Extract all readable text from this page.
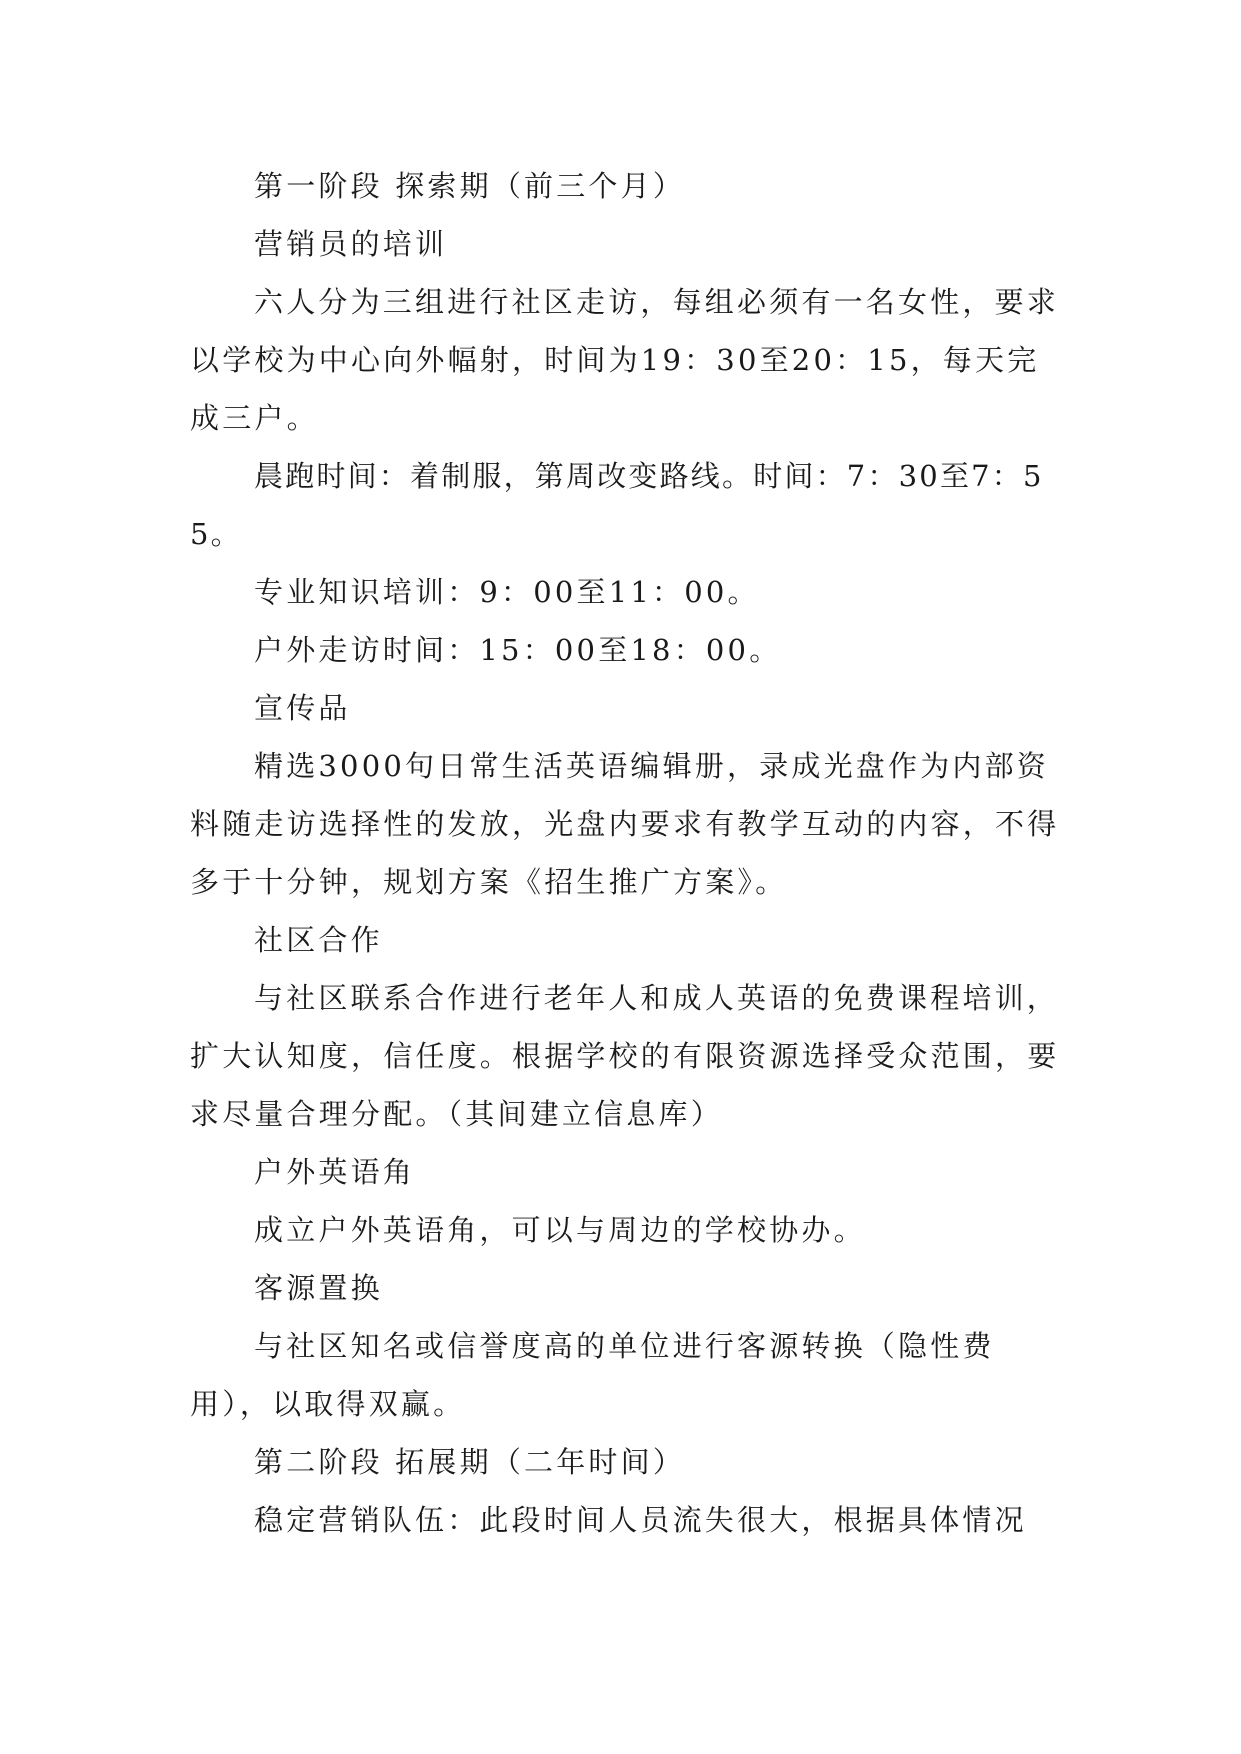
第一阶段 探索期（前三个月）

营销员的培训

六人分为三组进行社区走访，每组必须有一名女性，要求以学校为中心向外幅射，时间为19：30至20：15，每天完成三户。

晨跑时间：着制服，第周改变路线。时间：7：30至7：55。

专业知识培训：9：00至11：00。

户外走访时间：15：00至18：00。

宣传品

精选3000句日常生活英语编辑册，录成光盘作为内部资料随走访选择性的发放，光盘内要求有教学互动的内容，不得多于十分钟，规划方案《招生推广方案》。

社区合作

与社区联系合作进行老年人和成人英语的免费课程培训，扩大认知度，信任度。根据学校的有限资源选择受众范围，要求尽量合理分配。（其间建立信息库）

户外英语角

成立户外英语角，可以与周边的学校协办。

客源置换

与社区知名或信誉度高的单位进行客源转换（隐性费用），以取得双赢。

第二阶段 拓展期（二年时间）

稳定营销队伍：此段时间人员流失很大，根据具体情况
